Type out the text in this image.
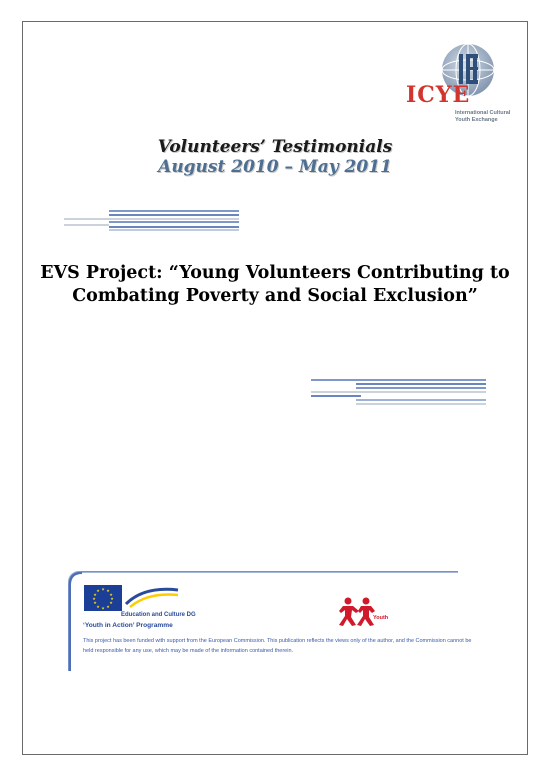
ICYE
International Cultural Youth Exchange
Volunteers’ Testimonials
August 2010 – May 2011
EVS Project: “Young Volunteers Contributing to Combating Poverty and Social Exclusion”
★ ★
★
★
★
★
★
★
★
★
★
★
Education and Culture DG
‘Youth in Action’ Programme
Youth
This project has been funded with support from the European Commission. This publication reflects the views only of the author, and the Commission cannot be held responsible for any use, which may be made of the information contained therein.
